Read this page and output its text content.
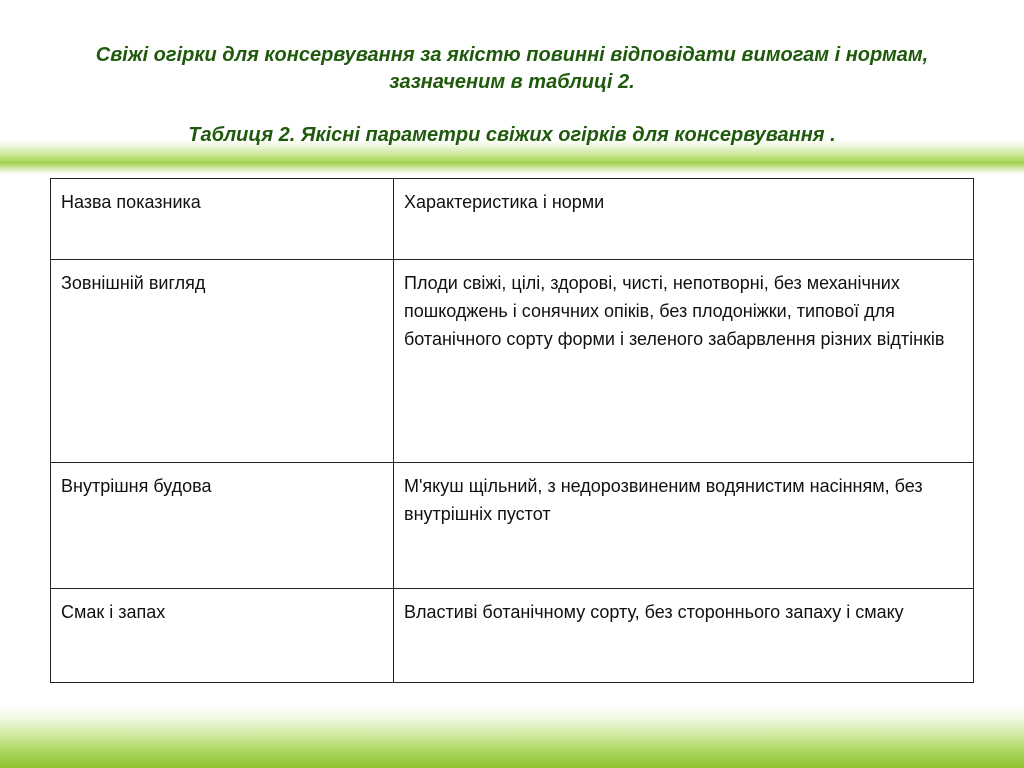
Свіжі огірки для консервування за якістю повинні відповідати вимогам і нормам, зазначеним в таблиці 2.

Таблиця 2. Якісні параметри свіжих огірків для консервування .

Назва показника	Характеристика і норми
Зовнішній вигляд	Плоди свіжі, цілі, здорові, чисті, непотворні, без механічних пошкоджень і сонячних опіків, без плодоніжки, типової для ботанічного сорту форми і зеленого забарвлення різних відтінків
Внутрішня будова	М'якуш щільний, з недорозвиненим водянистим насінням, без внутрішніх пустот
Смак і запах	Властиві ботанічному сорту, без стороннього запаху і смаку
